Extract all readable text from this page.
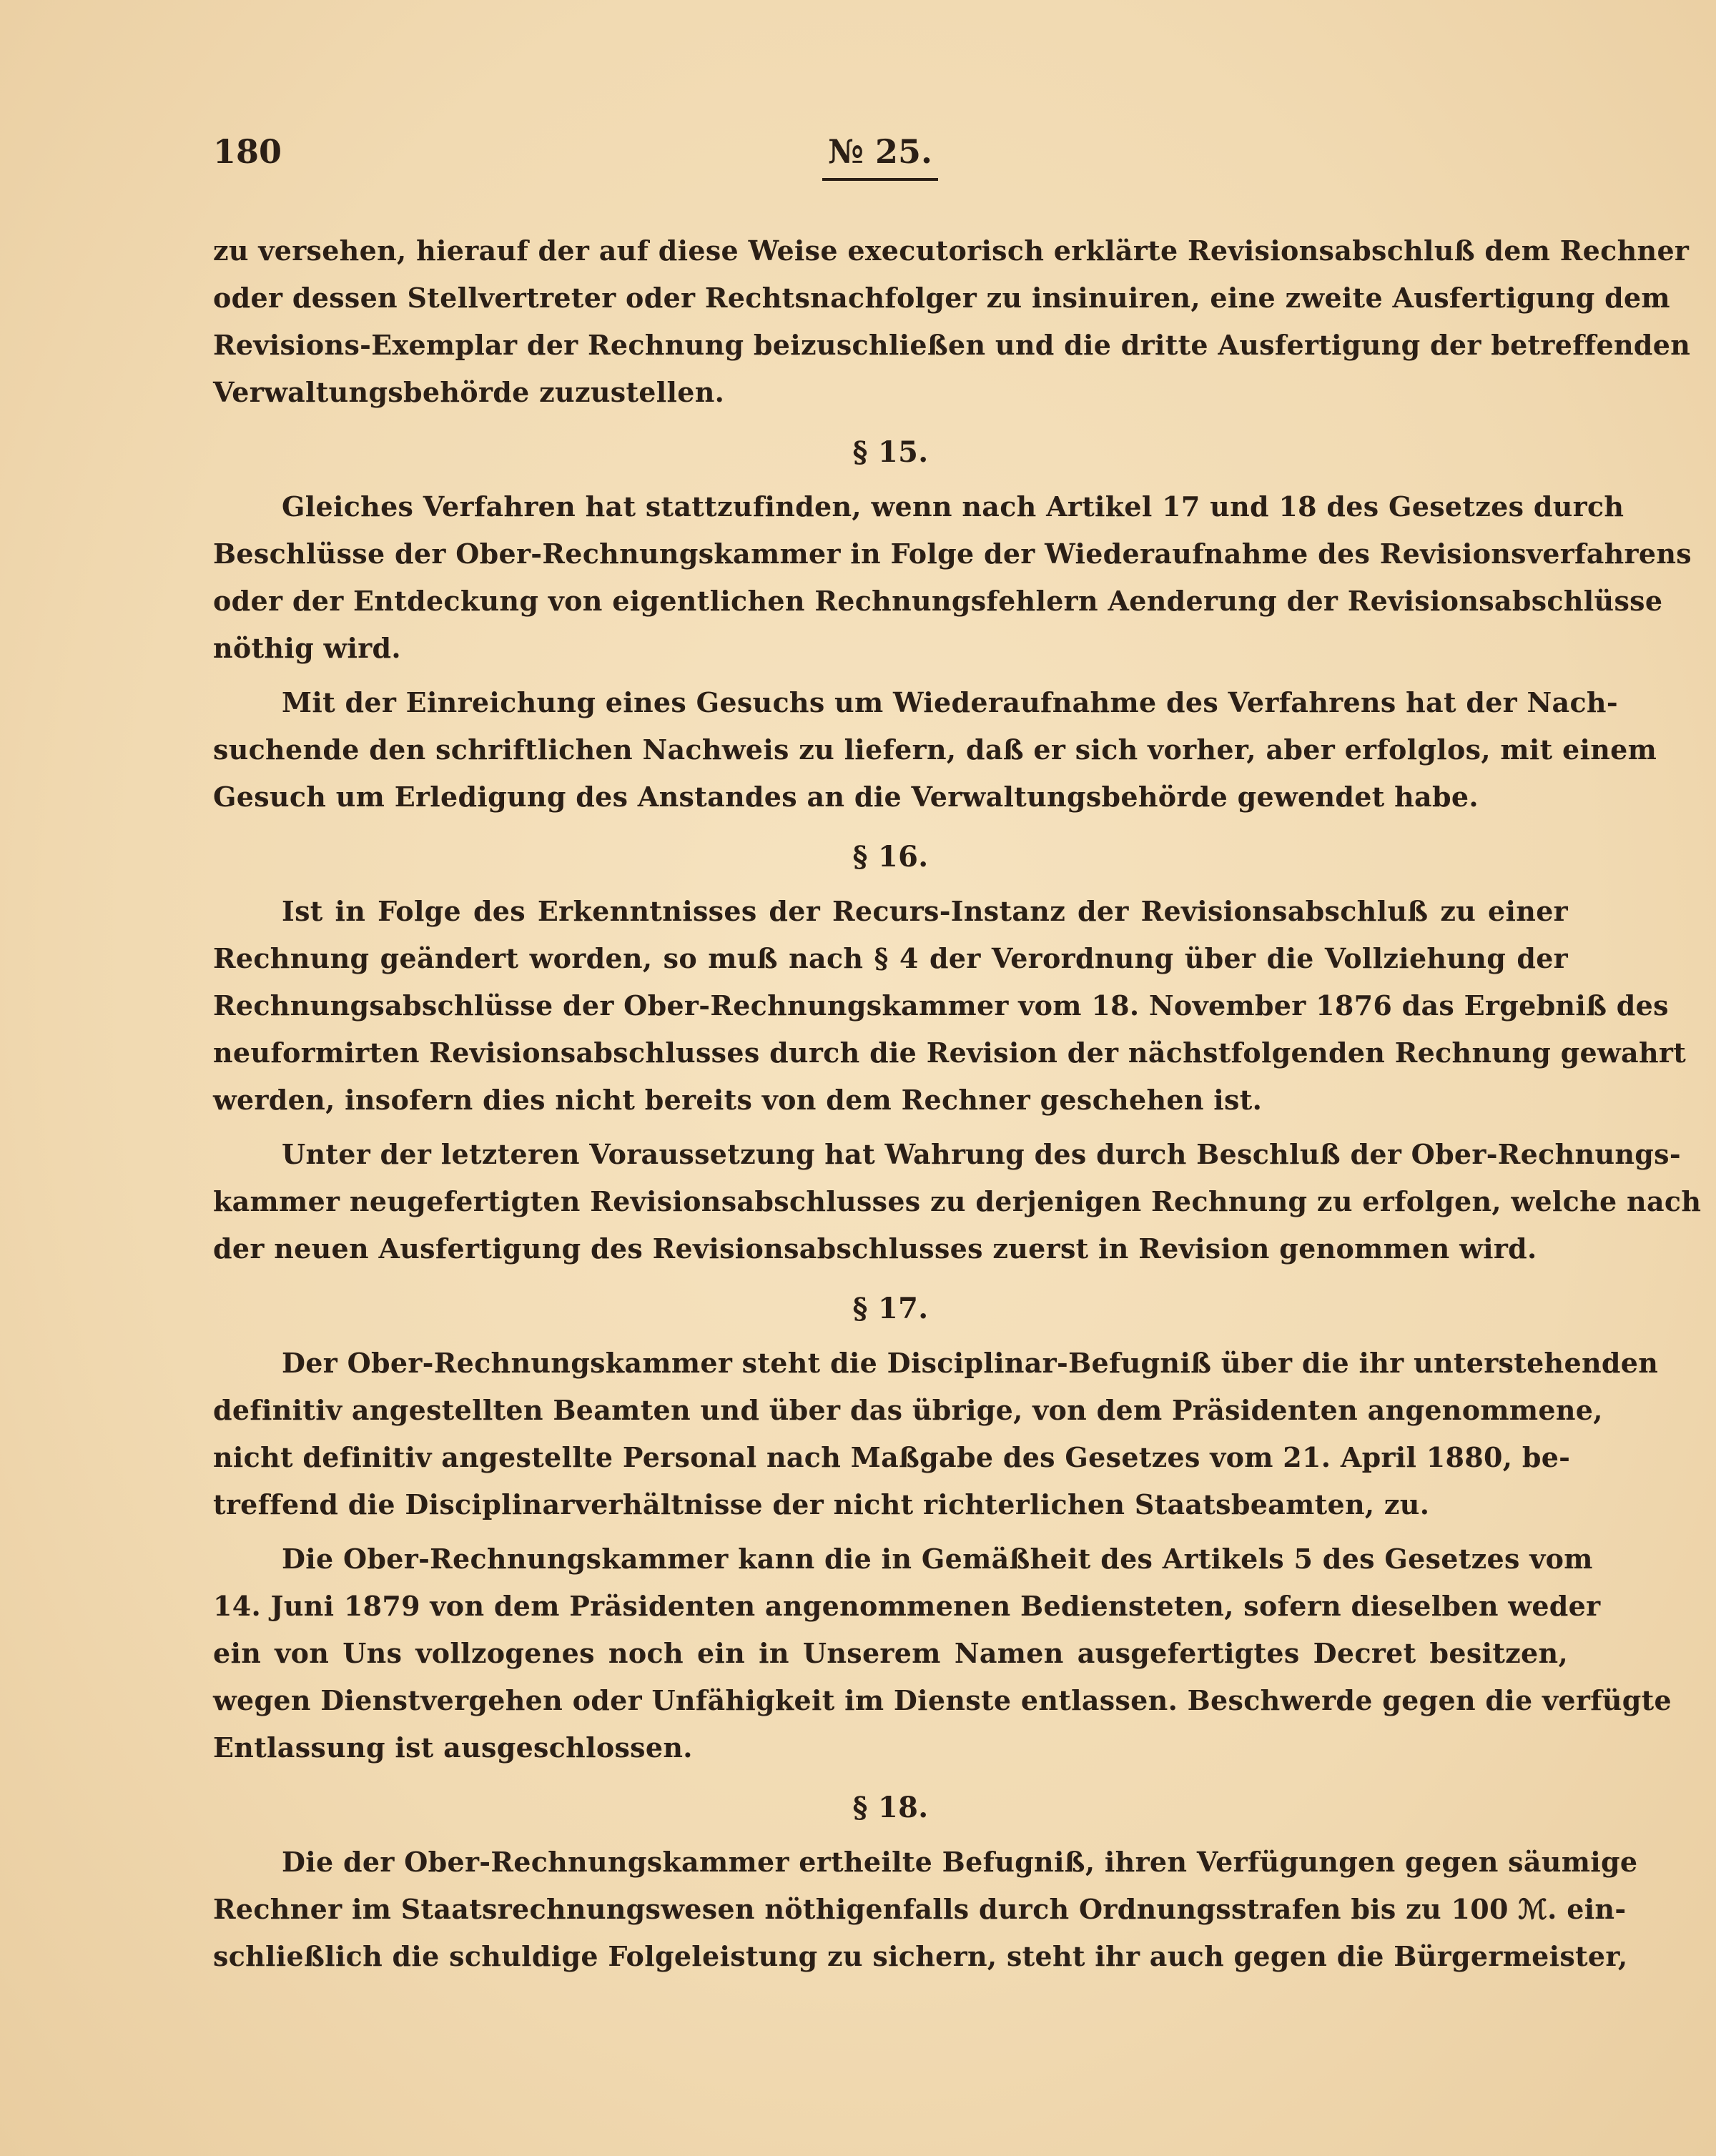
180	№ 25.
zu versehen, hierauf der auf diese Weise executorisch erklärte Revisionsabschluß dem Rechner
oder dessen Stellvertreter oder Rechtsnachfolger zu insinuiren, eine zweite Ausfertigung dem
Revisions-Exemplar der Rechnung beizuschließen und die dritte Ausfertigung der betreffenden
Verwaltungsbehörde zuzustellen.
§ 15.
Gleiches Verfahren hat stattzufinden, wenn nach Artikel 17 und 18 des Gesetzes durch
Beschlüsse der Ober-Rechnungskammer in Folge der Wiederaufnahme des Revisionsverfahrens
oder der Entdeckung von eigentlichen Rechnungsfehlern Aenderung der Revisionsabschlüsse
nöthig wird.
Mit der Einreichung eines Gesuchs um Wiederaufnahme des Verfahrens hat der Nach-
suchende den schriftlichen Nachweis zu liefern, daß er sich vorher, aber erfolglos, mit einem
Gesuch um Erledigung des Anstandes an die Verwaltungsbehörde gewendet habe.
§ 16.
Ist in Folge des Erkenntnisses der Recurs-Instanz der Revisionsabschluß zu einer
Rechnung geändert worden, so muß nach § 4 der Verordnung über die Vollziehung der
Rechnungsabschlüsse der Ober-Rechnungskammer vom 18. November 1876 das Ergebniß des
neuformirten Revisionsabschlusses durch die Revision der nächstfolgenden Rechnung gewahrt
werden, insofern dies nicht bereits von dem Rechner geschehen ist.
Unter der letzteren Voraussetzung hat Wahrung des durch Beschluß der Ober-Rechnungs-
kammer neugefertigten Revisionsabschlusses zu derjenigen Rechnung zu erfolgen, welche nach
der neuen Ausfertigung des Revisionsabschlusses zuerst in Revision genommen wird.
§ 17.
Der Ober-Rechnungskammer steht die Disciplinar-Befugniß über die ihr unterstehenden
definitiv angestellten Beamten und über das übrige, von dem Präsidenten angenommene,
nicht definitiv angestellte Personal nach Maßgabe des Gesetzes vom 21. April 1880, be-
treffend die Disciplinarverhältnisse der nicht richterlichen Staatsbeamten, zu.
Die Ober-Rechnungskammer kann die in Gemäßheit des Artikels 5 des Gesetzes vom
14. Juni 1879 von dem Präsidenten angenommenen Bediensteten, sofern dieselben weder
ein von Uns vollzogenes noch ein in Unserem Namen ausgefertigtes Decret besitzen,
wegen Dienstvergehen oder Unfähigkeit im Dienste entlassen. Beschwerde gegen die verfügte
Entlassung ist ausgeschlossen.
§ 18.
Die der Ober-Rechnungskammer ertheilte Befugniß, ihren Verfügungen gegen säumige
Rechner im Staatsrechnungswesen nöthigenfalls durch Ordnungsstrafen bis zu 100 ℳ. ein-
schließlich die schuldige Folgeleistung zu sichern, steht ihr auch gegen die Bürgermeister,
